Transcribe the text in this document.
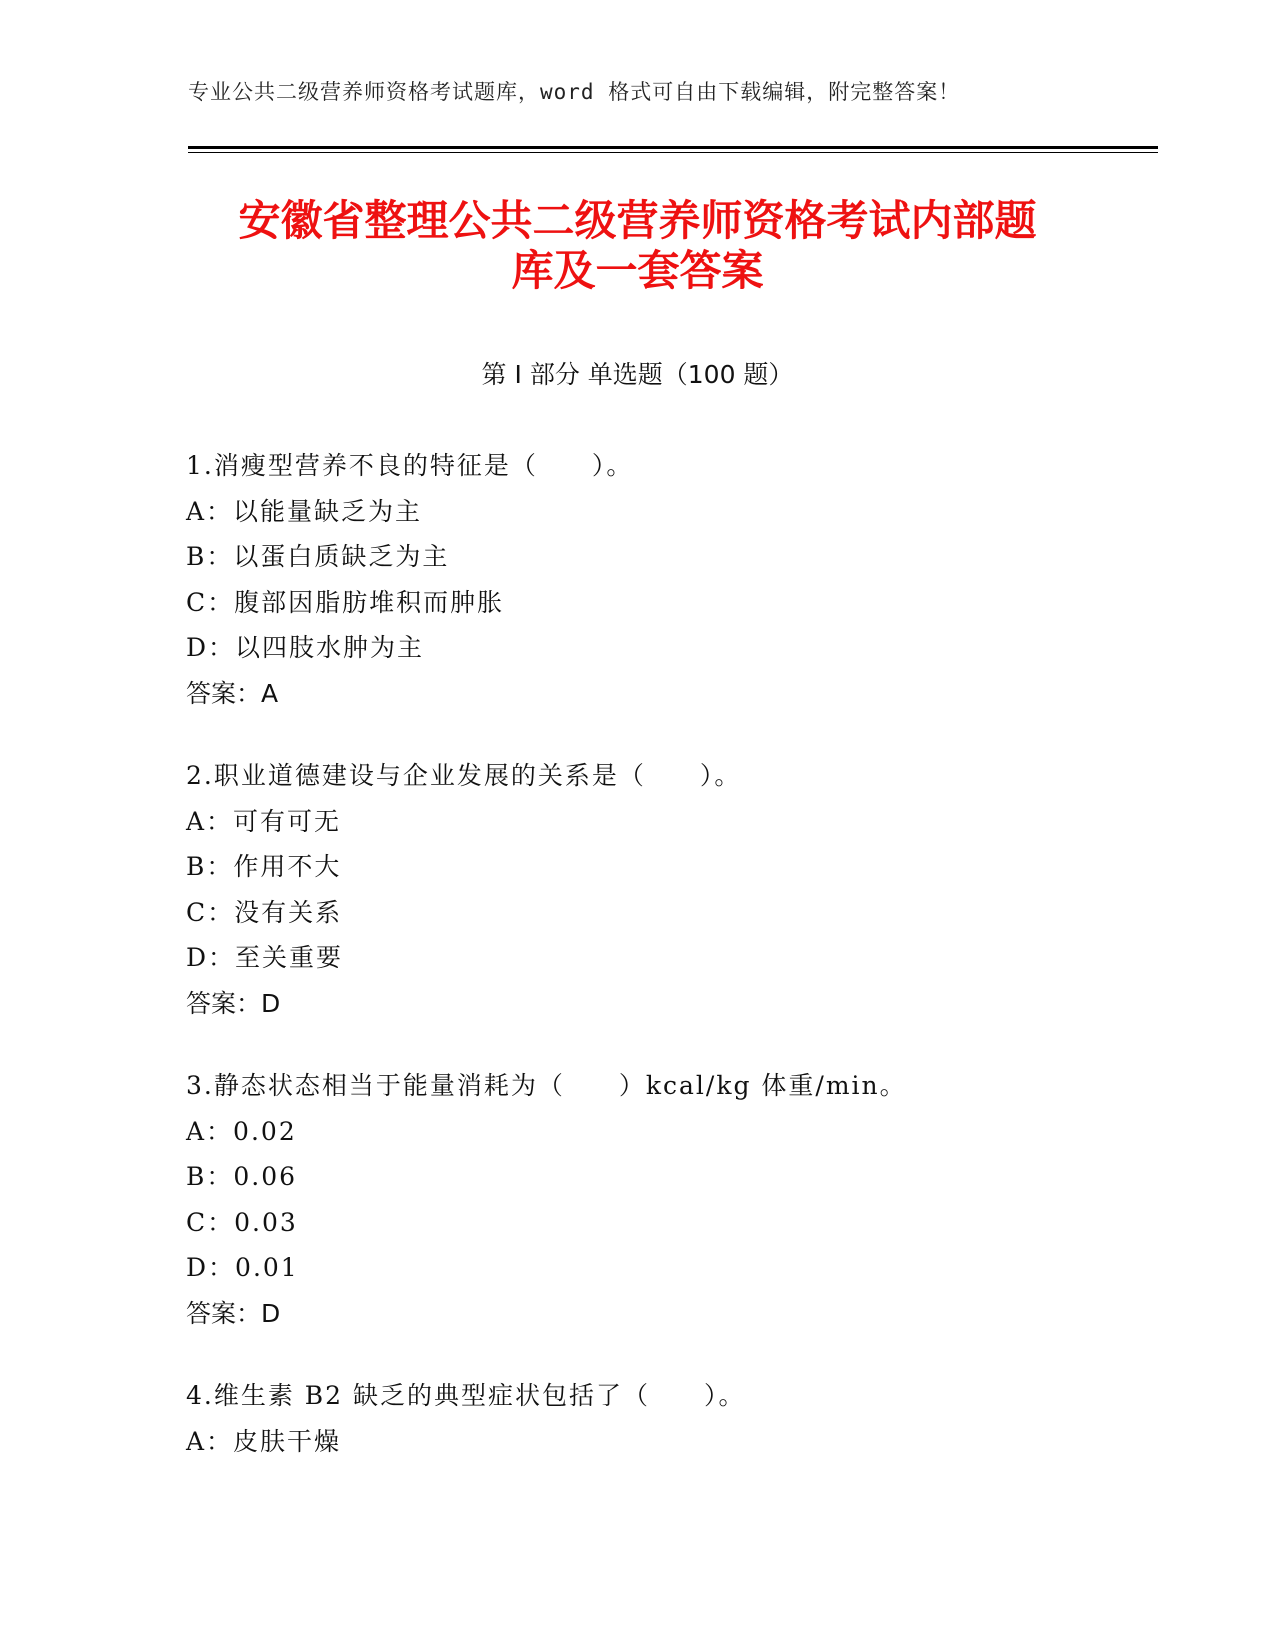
专业公共二级营养师资格考试题库，word 格式可自由下载编辑，附完整答案！
安徽省整理公共二级营养师资格考试内部题
库及一套答案
第 I 部分 单选题（100 题）
1.消瘦型营养不良的特征是（　　）。
A：以能量缺乏为主
B：以蛋白质缺乏为主
C：腹部因脂肪堆积而肿胀
D：以四肢水肿为主
答案：A
2.职业道德建设与企业发展的关系是（　　）。
A：可有可无
B：作用不大
C：没有关系
D：至关重要
答案：D
3.静态状态相当于能量消耗为（　　）kcal/kg 体重/min。
A：0.02
B：0.06
C：0.03
D：0.01
答案：D
4.维生素 B2 缺乏的典型症状包括了（　　）。
A：皮肤干燥
